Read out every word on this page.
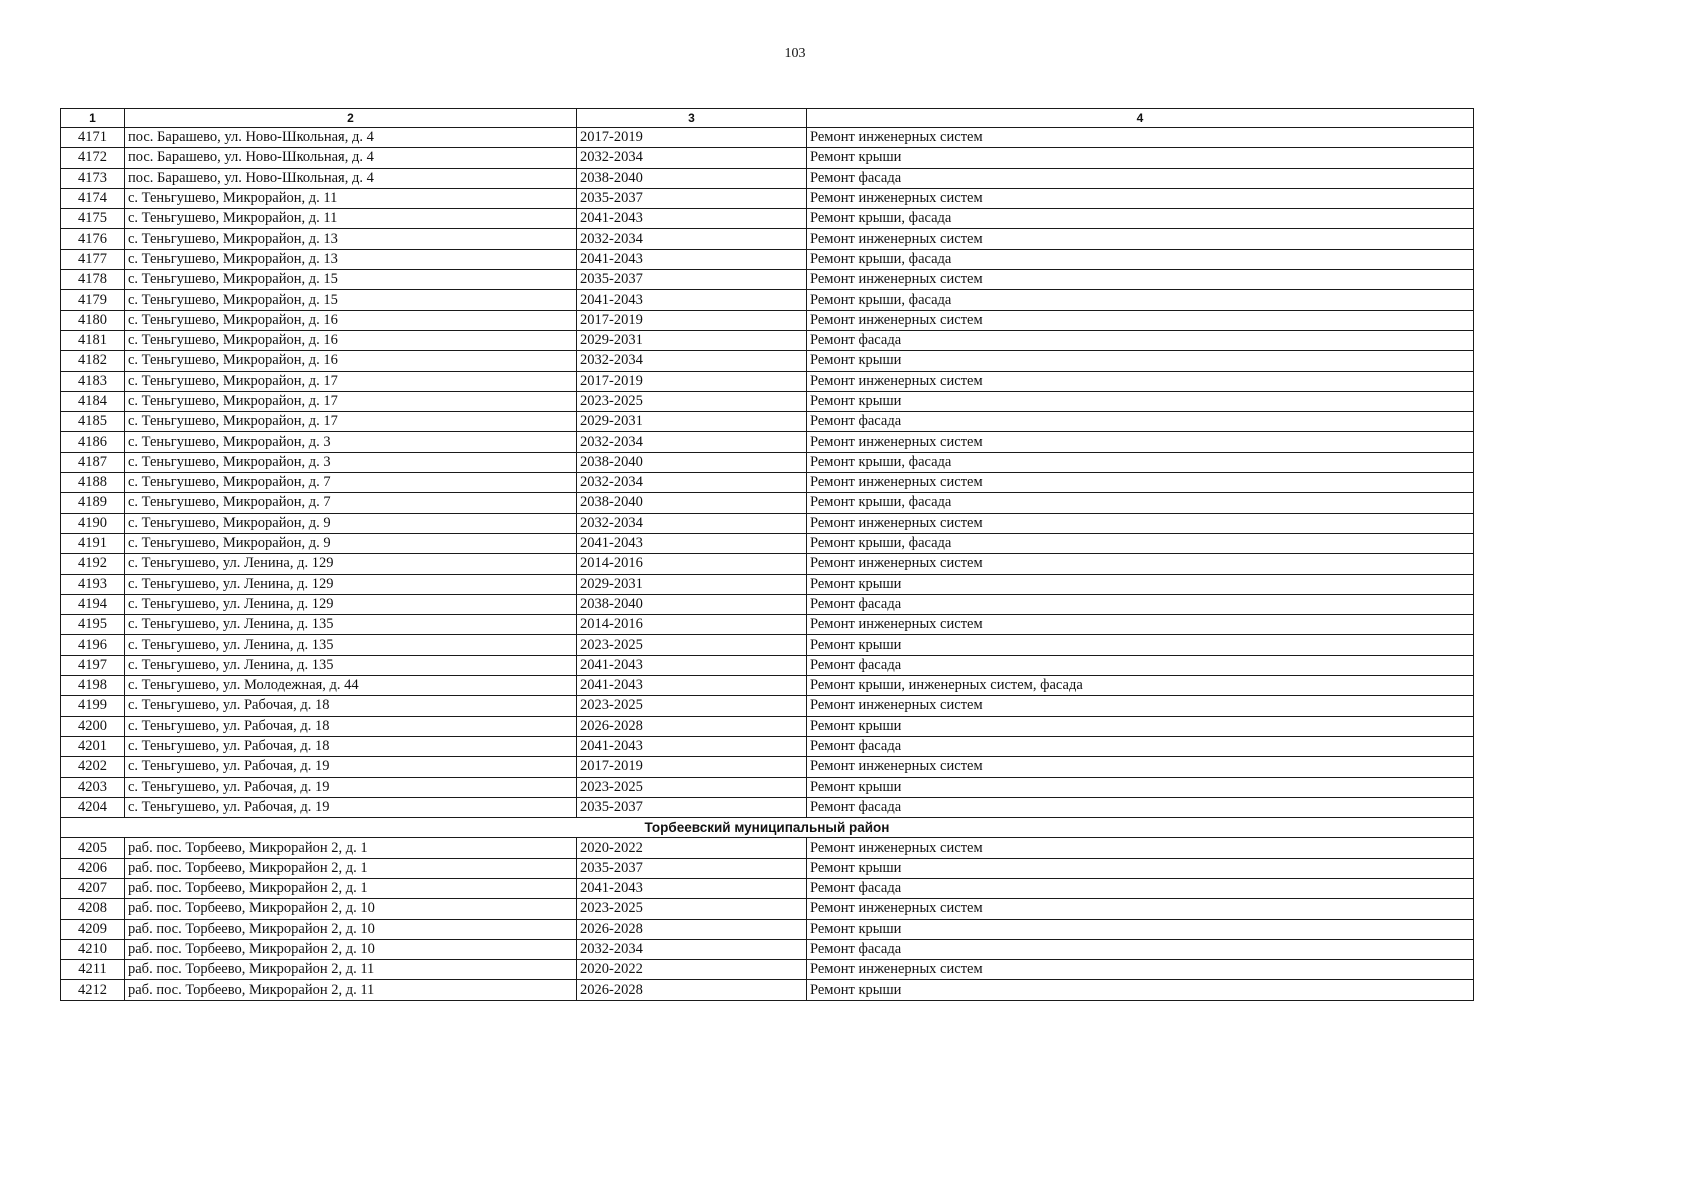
103
1	2	3	4
4171	пос. Барашево, ул. Ново-Школьная, д. 4	2017-2019	Ремонт инженерных систем
4172	пос. Барашево, ул. Ново-Школьная, д. 4	2032-2034	Ремонт крыши
4173	пос. Барашево, ул. Ново-Школьная, д. 4	2038-2040	Ремонт фасада
4174	с. Теньгушево, Микрорайон, д. 11	2035-2037	Ремонт инженерных систем
4175	с. Теньгушево, Микрорайон, д. 11	2041-2043	Ремонт крыши, фасада
4176	с. Теньгушево, Микрорайон, д. 13	2032-2034	Ремонт инженерных систем
4177	с. Теньгушево, Микрорайон, д. 13	2041-2043	Ремонт крыши, фасада
4178	с. Теньгушево, Микрорайон, д. 15	2035-2037	Ремонт инженерных систем
4179	с. Теньгушево, Микрорайон, д. 15	2041-2043	Ремонт крыши, фасада
4180	с. Теньгушево, Микрорайон, д. 16	2017-2019	Ремонт инженерных систем
4181	с. Теньгушево, Микрорайон, д. 16	2029-2031	Ремонт фасада
4182	с. Теньгушево, Микрорайон, д. 16	2032-2034	Ремонт крыши
4183	с. Теньгушево, Микрорайон, д. 17	2017-2019	Ремонт инженерных систем
4184	с. Теньгушево, Микрорайон, д. 17	2023-2025	Ремонт крыши
4185	с. Теньгушево, Микрорайон, д. 17	2029-2031	Ремонт фасада
4186	с. Теньгушево, Микрорайон, д. 3	2032-2034	Ремонт инженерных систем
4187	с. Теньгушево, Микрорайон, д. 3	2038-2040	Ремонт крыши, фасада
4188	с. Теньгушево, Микрорайон, д. 7	2032-2034	Ремонт инженерных систем
4189	с. Теньгушево, Микрорайон, д. 7	2038-2040	Ремонт крыши, фасада
4190	с. Теньгушево, Микрорайон, д. 9	2032-2034	Ремонт инженерных систем
4191	с. Теньгушево, Микрорайон, д. 9	2041-2043	Ремонт крыши, фасада
4192	с. Теньгушево, ул. Ленина, д. 129	2014-2016	Ремонт инженерных систем
4193	с. Теньгушево, ул. Ленина, д. 129	2029-2031	Ремонт крыши
4194	с. Теньгушево, ул. Ленина, д. 129	2038-2040	Ремонт фасада
4195	с. Теньгушево, ул. Ленина, д. 135	2014-2016	Ремонт инженерных систем
4196	с. Теньгушево, ул. Ленина, д. 135	2023-2025	Ремонт крыши
4197	с. Теньгушево, ул. Ленина, д. 135	2041-2043	Ремонт фасада
4198	с. Теньгушево, ул. Молодежная, д. 44	2041-2043	Ремонт крыши, инженерных систем, фасада
4199	с. Теньгушево, ул. Рабочая, д. 18	2023-2025	Ремонт инженерных систем
4200	с. Теньгушево, ул. Рабочая, д. 18	2026-2028	Ремонт крыши
4201	с. Теньгушево, ул. Рабочая, д. 18	2041-2043	Ремонт фасада
4202	с. Теньгушево, ул. Рабочая, д. 19	2017-2019	Ремонт инженерных систем
4203	с. Теньгушево, ул. Рабочая, д. 19	2023-2025	Ремонт крыши
4204	с. Теньгушево, ул. Рабочая, д. 19	2035-2037	Ремонт фасада
Торбеевский муниципальный район			
4205	раб. пос. Торбеево, Микрорайон 2, д. 1	2020-2022	Ремонт инженерных систем
4206	раб. пос. Торбеево, Микрорайон 2, д. 1	2035-2037	Ремонт крыши
4207	раб. пос. Торбеево, Микрорайон 2, д. 1	2041-2043	Ремонт фасада
4208	раб. пос. Торбеево, Микрорайон 2, д. 10	2023-2025	Ремонт инженерных систем
4209	раб. пос. Торбеево, Микрорайон 2, д. 10	2026-2028	Ремонт крыши
4210	раб. пос. Торбеево, Микрорайон 2, д. 10	2032-2034	Ремонт фасада
4211	раб. пос. Торбеево, Микрорайон 2, д. 11	2020-2022	Ремонт инженерных систем
4212	раб. пос. Торбеево, Микрорайон 2, д. 11	2026-2028	Ремонт крыши
